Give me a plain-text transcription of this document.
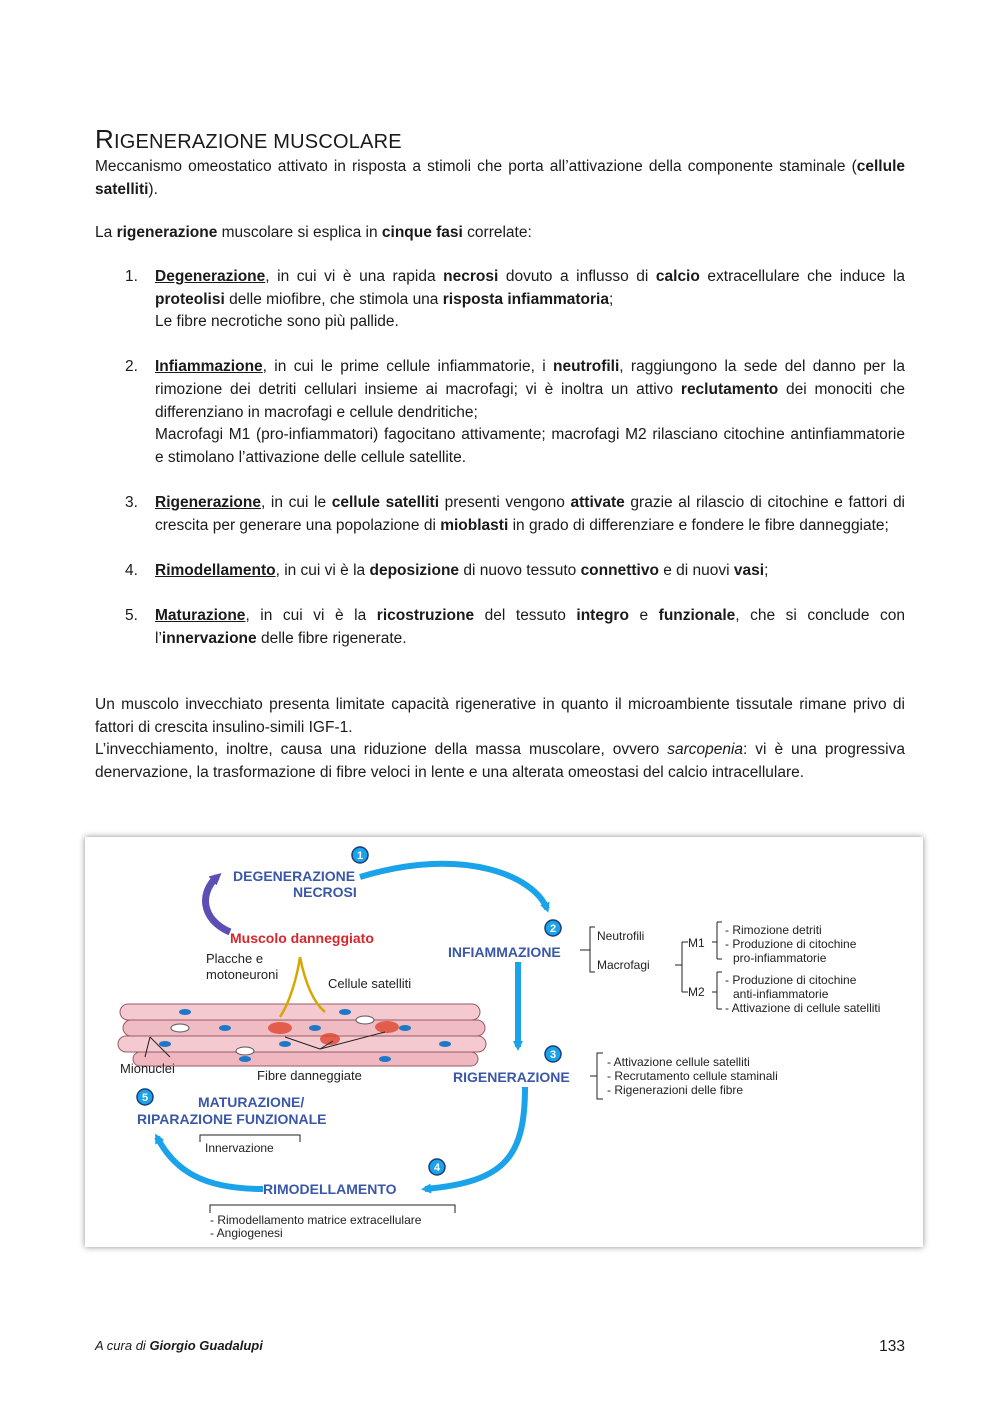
RIGENERAZIONE MUSCOLARE

Meccanismo omeostatico attivato in risposta a stimoli che porta all’attivazione della componente staminale (cellule satelliti).

La rigenerazione muscolare si esplica in cinque fasi correlate:

1. Degenerazione, in cui vi è una rapida necrosi dovuto a influsso di calcio extracellulare che induce la proteolisi delle miofibre, che stimola una risposta infiammatoria;

Le fibre necrotiche sono più pallide.

2. Infiammazione, in cui le prime cellule infiammatorie, i neutrofili, raggiungono la sede del danno per la rimozione dei detriti cellulari insieme ai macrofagi; vi è inoltra un attivo reclutamento dei monociti che differenziano in macrofagi e cellule dendritiche;

Macrofagi M1 (pro-infiammatori) fagocitano attivamente; macrofagi M2 rilasciano citochine antinfiammatorie e stimolano l’attivazione delle cellule satellite.

3. Rigenerazione, in cui le cellule satelliti presenti vengono attivate grazie al rilascio di citochine e fattori di crescita per generare una popolazione di mioblasti in grado di differenziare e fondere le fibre danneggiate;

4. Rimodellamento, in cui vi è la deposizione di nuovo tessuto connettivo e di nuovi vasi;

5. Maturazione, in cui vi è la ricostruzione del tessuto integro e funzionale, che si conclude con l’innervazione delle fibre rigenerate.

Un muscolo invecchiato presenta limitate capacità rigenerative in quanto il microambiente tissutale rimane privo di fattori di crescita insulino-simili IGF-1.

L’invecchiamento, inoltre, causa una riduzione della massa muscolare, ovvero sarcopenia: vi è una progressiva denervazione, la trasformazione di fibre veloci in lente e una alterata omeostasi del calcio intracellulare.

1
2
3
4
5
DEGENERAZIONE
NECROSI
Muscolo danneggiato
Placche e
motoneuroni
Cellule satelliti
Mionuclei	Fibre danneggiate
INFIAMMAZIONE
Neutrofili
Macrofagi
M1
M2
- Rimozione detriti
- Produzione di citochine
pro-infiammatorie
- Produzione di citochine
anti-infiammatorie
- Attivazione di cellule satelliti
RIGENERAZIONE
- Attivazione cellule satelliti
- Recrutamento cellule staminali
- Rigenerazioni delle fibre
MATURAZIONE/
RIPARAZIONE FUNZIONALE
Innervazione
RIMODELLAMENTO
- Rimodellamento matrice extracellulare
- Angiogenesi
A cura di Giorgio Guadalupi	133
